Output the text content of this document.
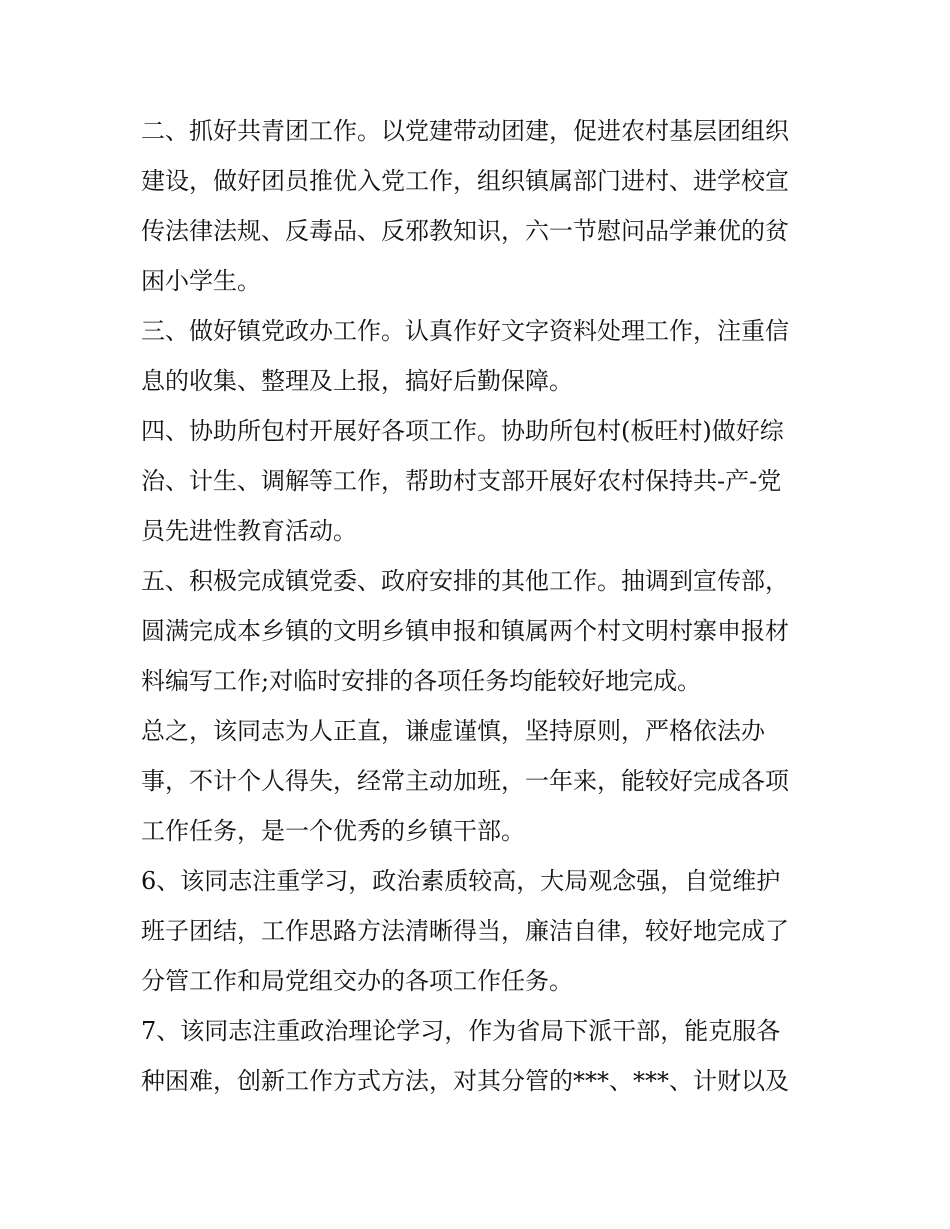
二、抓好共青团工作。以党建带动团建，促进农村基层团组织
建设，做好团员推优入党工作，组织镇属部门进村、进学校宣
传法律法规、反毒品、反邪教知识，六一节慰问品学兼优的贫
困小学生。
三、做好镇党政办工作。认真作好文字资料处理工作，注重信
息的收集、整理及上报，搞好后勤保障。
四、协助所包村开展好各项工作。协助所包村(板旺村)做好综
治、计生、调解等工作，帮助村支部开展好农村保持共-产-党
员先进性教育活动。
五、积极完成镇党委、政府安排的其他工作。抽调到宣传部，
圆满完成本乡镇的文明乡镇申报和镇属两个村文明村寨申报材
料编写工作;对临时安排的各项任务均能较好地完成。
总之，该同志为人正直，谦虚谨慎，坚持原则，严格依法办
事，不计个人得失，经常主动加班，一年来，能较好完成各项
工作任务，是一个优秀的乡镇干部。
6、该同志注重学习，政治素质较高，大局观念强，自觉维护
班子团结，工作思路方法清晰得当，廉洁自律，较好地完成了
分管工作和局党组交办的各项工作任务。
7、该同志注重政治理论学习，作为省局下派干部，能克服各
种困难，创新工作方式方法，对其分管的***、***、计财以及
